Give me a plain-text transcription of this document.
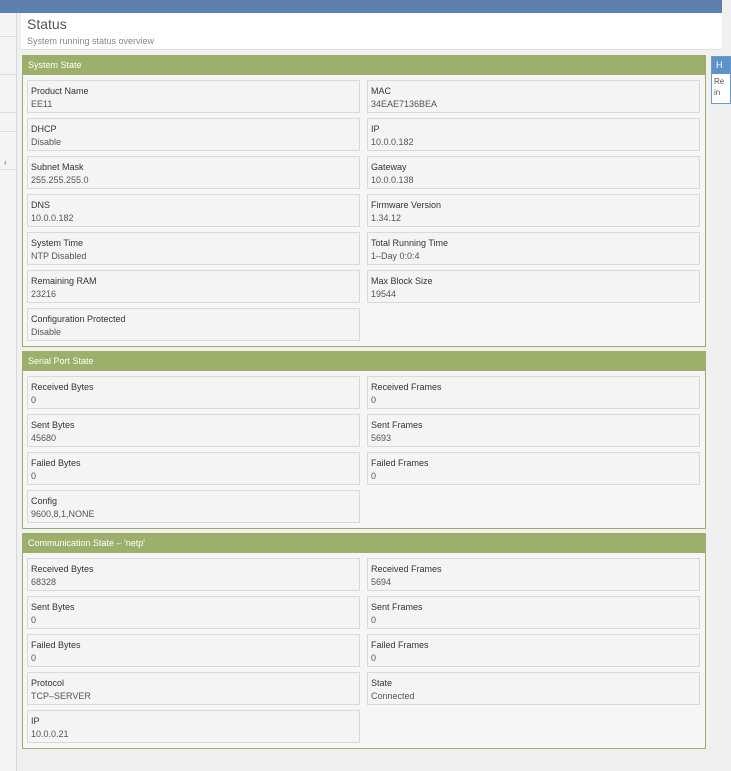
‹
Status
System running status overview
H
Re
in
System State
Product Name
EE11
MAC
34EAE7136BEA
DHCP
Disable
IP
10.0.0.182
Subnet Mask
255.255.255.0
Gateway
10.0.0.138
DNS
10.0.0.182
Firmware Version
1.34.12
System Time
NTP Disabled
Total Running Time
1–Day 0:0:4
Remaining RAM
23216
Max Block Size
19544
Configuration Protected
Disable
Serial Port State
Received Bytes
0
Received Frames
0
Sent Bytes
45680
Sent Frames
5693
Failed Bytes
0
Failed Frames
0
Config
9600,8,1,NONE
Communication State – 'netp'
Received Bytes
68328
Received Frames
5694
Sent Bytes
0
Sent Frames
0
Failed Bytes
0
Failed Frames
0
Protocol
TCP–SERVER
State
Connected
IP
10.0.0.21
